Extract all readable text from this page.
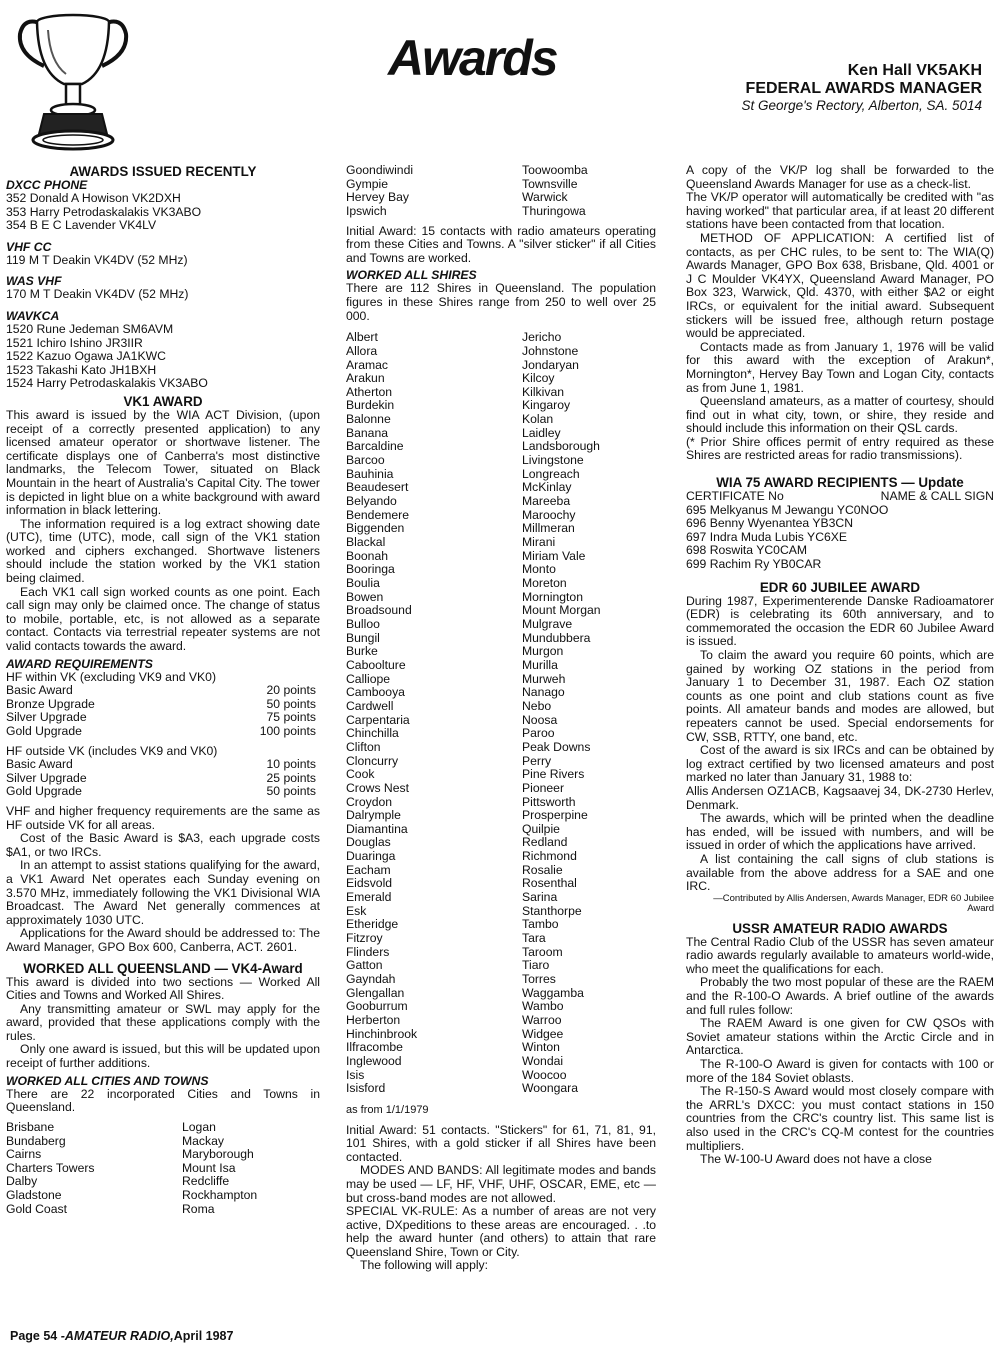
Awards	Ken Hall VK5AKH
FEDERAL AWARDS MANAGER
St George's Rectory, Alberton, SA. 5014
AWARDS ISSUED RECENTLY
DXCC PHONE
352 Donald A Howison VK2DXH
353 Harry Petrodaskalakis VK3ABO
354 B E C Lavender VK4LV
VHF CC
119 M T Deakin VK4DV (52 MHz)
WAS VHF
170 M T Deakin VK4DV (52 MHz)
WAVKCA
1520 Rune Jedeman SM6AVM
1521 Ichiro Ishino JR3IIR
1522 Kazuo Ogawa JA1KWC
1523 Takashi Kato JH1BXH
1524 Harry Petrodaskalakis VK3ABO
VK1 AWARD

This award is issued by the WIA ACT Division, (upon receipt of a correctly presented application) to any licensed amateur operator or shortwave listener. The certificate displays one of Canberra's most distinctive landmarks, the Telecom Tower, situated on Black Mountain in the heart of Australia's Capital City. The tower is depicted in light blue on a white background with award information in black lettering.

The information required is a log extract showing date (UTC), time (UTC), mode, call sign of the VK1 station worked and ciphers exchanged. Shortwave listeners should include the station worked by the VK1 station being claimed.

Each VK1 call sign worked counts as one point. Each call sign may only be claimed once. The change of status to mobile, portable, etc, is not allowed as a separate contact. Contacts via terrestrial repeater systems are not valid contacts towards the award.

AWARD REQUIREMENTS
HF within VK (excluding VK9 and VK0)
Basic Award	20 points
Bronze Upgrade	50 points
Silver Upgrade	75 points
Gold Upgrade	100 points
HF outside VK (includes VK9 and VK0)
Basic Award	10 points
Silver Upgrade	25 points
Gold Upgrade	50 points

VHF and higher frequency requirements are the same as HF outside VK for all areas.

Cost of the Basic Award is $A3, each upgrade costs $A1, or two IRCs.

In an attempt to assist stations qualifying for the award, a VK1 Award Net operates each Sunday evening on 3.570 MHz, immediately following the VK1 Divisional WIA Broadcast. The Award Net generally commences at approximately 1030 UTC.

Applications for the Award should be addressed to: The Award Manager, GPO Box 600, Canberra, ACT. 2601.

WORKED ALL QUEENSLAND — VK4-Award

This award is divided into two sections — Worked All Cities and Towns and Worked All Shires.

Any transmitting amateur or SWL may apply for the award, provided that these applications comply with the rules.

Only one award is issued, but this will be updated upon receipt of further additions.

WORKED ALL CITIES AND TOWNS

There are 22 incorporated Cities and Towns in Queensland.

Brisbane	Logan
Bundaberg	Mackay
Cairns	Maryborough
Charters Towers	Mount Isa
Dalby	Redcliffe
Gladstone	Rockhampton
Gold Coast	Roma
Goondiwindi	Toowoomba
Gympie	Townsville
Hervey Bay	Warwick
Ipswich	Thuringowa

Initial Award: 15 contacts with radio amateurs operating from these Cities and Towns. A "silver sticker" if all Cities and Towns are worked.

WORKED ALL SHIRES

There are 112 Shires in Queensland. The population figures in these Shires range from 250 to well over 25 000.

Albert	Jericho
Allora	Johnstone
Aramac	Jondaryan
Arakun	Kilcoy
Atherton	Kilkivan
Burdekin	Kingaroy
Balonne	Kolan
Banana	Laidley
Barcaldine	Landsborough
Barcoo	Livingstone
Bauhinia	Longreach
Beaudesert	McKinlay
Belyando	Mareeba
Bendemere	Maroochy
Biggenden	Millmeran
Blackal	Mirani
Boonah	Miriam Vale
Booringa	Monto
Boulia	Moreton
Bowen	Mornington
Broadsound	Mount Morgan
Bulloo	Mulgrave
Bungil	Mundubbera
Burke	Murgon
Caboolture	Murilla
Calliope	Murweh
Cambooya	Nanago
Cardwell	Nebo
Carpentaria	Noosa
Chinchilla	Paroo
Clifton	Peak Downs
Cloncurry	Perry
Cook	Pine Rivers
Crows Nest	Pioneer
Croydon	Pittsworth
Dalrymple	Prosperpine
Diamantina	Quilpie
Douglas	Redland
Duaringa	Richmond
Eacham	Rosalie
Eidsvold	Rosenthal
Emerald	Sarina
Esk	Stanthorpe
Etheridge	Tambo
Fitzroy	Tara
Flinders	Taroom
Gatton	Tiaro
Gayndah	Torres
Glengallan	Waggamba
Gooburrum	Wambo
Herberton	Warroo
Hinchinbrook	Widgee
Ilfracombe	Winton
Inglewood	Wondai
Isis	Woocoo
Isisford	Woongara
as from 1/1/1979

Initial Award: 51 contacts. "Stickers" for 61, 71, 81, 91, 101 Shires, with a gold sticker if all Shires have been contacted.

MODES AND BANDS: All legitimate modes and bands may be used — LF, HF, VHF, UHF, OSCAR, EME, etc — but cross-band modes are not allowed.

SPECIAL VK-RULE: As a number of areas are not very active, DXpeditions to these areas are encouraged. . .to help the award hunter (and others) to attain that rare Queensland Shire, Town or City.

The following will apply:

A copy of the VK/P log shall be forwarded to the Queensland Awards Manager for use as a check-list.

The VK/P operator will automatically be credited with "as having worked" that particular area, if at least 20 different stations have been contacted from that location.

METHOD OF APPLICATION: A certified list of contacts, as per CHC rules, to be sent to: The WIA(Q) Awards Manager, GPO Box 638, Brisbane, Qld. 4001 or J C Moulder VK4YX, Queensland Award Manager, PO Box 323, Warwick, Qld. 4370, with either $A2 or eight IRCs, or equivalent for the initial award. Subsequent stickers will be issued free, although return postage would be appreciated.

Contacts made as from January 1, 1976 will be valid for this award with the exception of Arakun*, Mornington*, Hervey Bay Town and Logan City, contacts as from June 1, 1981.

Queensland amateurs, as a matter of courtesy, should find out in what city, town, or shire, they reside and should include this information on their QSL cards.

(* Prior Shire offices permit of entry required as these Shires are restricted areas for radio transmissions).

WIA 75 AWARD RECIPIENTS — Update
CERTIFICATE No	NAME & CALL SIGN
695 Melkyanus M Jewangu YC0NOO
696 Benny Wyenantea YB3CN
697 Indra Muda Lubis YC6XE
698 Roswita YC0CAM
699 Rachim Ry YB0CAR
EDR 60 JUBILEE AWARD

During 1987, Experimenterende Danske Radioamatorer (EDR) is celebrating its 60th anniversary, and to commemorated the occasion the EDR 60 Jubilee Award is issued.

To claim the award you require 60 points, which are gained by working OZ stations in the period from January 1 to December 31, 1987. Each OZ station counts as one point and club stations count as five points. All amateur bands and modes are allowed, but repeaters cannot be used. Special endorsements for CW, SSB, RTTY, one band, etc.

Cost of the award is six IRCs and can be obtained by log extract certified by two licensed amateurs and post marked no later than January 31, 1988 to:

Allis Andersen OZ1ACB, Kagsaavej 34, DK-2730 Herlev, Denmark.

The awards, which will be printed when the deadline has ended, will be issued with numbers, and will be issued in order of which the applications have arrived.

A list containing the call signs of club stations is available from the above address for a SAE and one IRC.

—Contributed by Allis Andersen, Awards Manager, EDR 60 Jubilee Award
USSR AMATEUR RADIO AWARDS

The Central Radio Club of the USSR has seven amateur radio awards regularly available to amateurs world-wide, who meet the qualifications for each.

Probably the two most popular of these are the RAEM and the R-100-O Awards. A brief outline of the awards and full rules follow:

The RAEM Award is one given for CW QSOs with Soviet amateur stations within the Arctic Circle and in Antarctica.

The R-100-O Award is given for contacts with 100 or more of the 184 Soviet oblasts.

The R-150-S Award would most closely compare with the ARRL's DXCC: you must contact stations in 150 countries from the CRC's country list. This same list is also used in the CRC's CQ-M contest for the countries multipliers.

The W-100-U Award does not have a close

Page 54 -AMATEUR RADIO,April 1987
